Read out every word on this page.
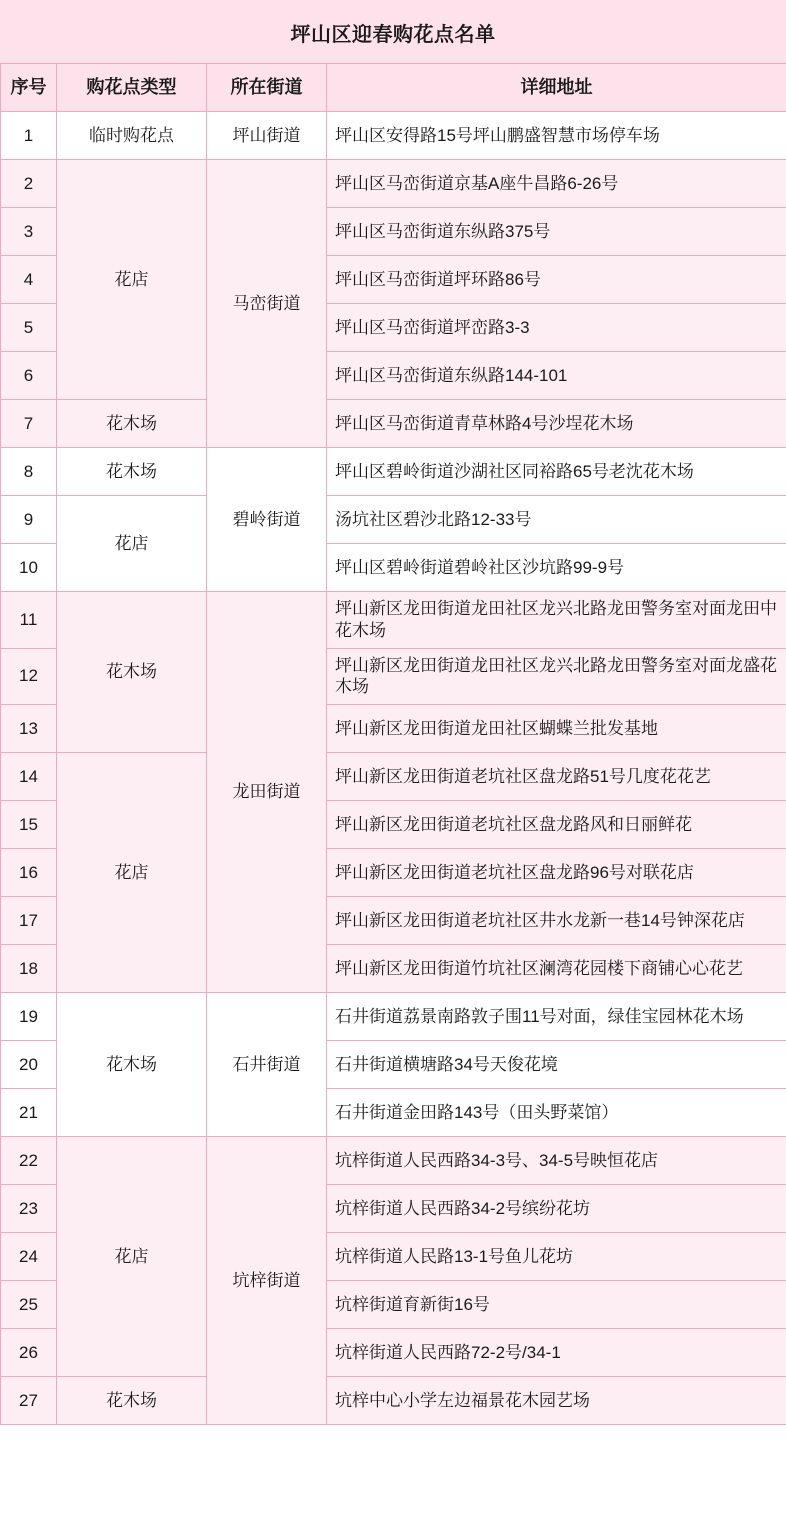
坪山区迎春购花点名单
序号	购花点类型	所在街道	详细地址
1	临时购花点	坪山街道	坪山区安得路15号坪山鹏盛智慧市场停车场
2	花店	马峦街道	坪山区马峦街道京基A座牛昌路6-26号
3			坪山区马峦街道东纵路375号
4			坪山区马峦街道坪环路86号
5			坪山区马峦街道坪峦路3-3
6			坪山区马峦街道东纵路144-101
7	花木场		坪山区马峦街道青草林路4号沙埕花木场
8	花木场	碧岭街道	坪山区碧岭街道沙湖社区同裕路65号老沈花木场
9	花店		汤坑社区碧沙北路12-33号
10			坪山区碧岭街道碧岭社区沙坑路99-9号
11	花木场	龙田街道	坪山新区龙田街道龙田社区龙兴北路龙田警务室对面龙田中花木场
12			坪山新区龙田街道龙田社区龙兴北路龙田警务室对面龙盛花木场
13			坪山新区龙田街道龙田社区蝴蝶兰批发基地
14	花店		坪山新区龙田街道老坑社区盘龙路51号几度花花艺
15			坪山新区龙田街道老坑社区盘龙路风和日丽鲜花
16			坪山新区龙田街道老坑社区盘龙路96号对联花店
17			坪山新区龙田街道老坑社区井水龙新一巷14号钟深花店
18			坪山新区龙田街道竹坑社区澜湾花园楼下商铺心心花艺
19	花木场	石井街道	石井街道荔景南路敦子围11号对面，绿佳宝园林花木场
20			石井街道横塘路34号天俊花境
21			石井街道金田路143号（田头野菜馆）
22	花店	坑梓街道	坑梓街道人民西路34-3号、34-5号映恒花店
23			坑梓街道人民西路34-2号缤纷花坊
24			坑梓街道人民路13-1号鱼儿花坊
25			坑梓街道育新街16号
26			坑梓街道人民西路72-2号/34-1
27	花木场		坑梓中心小学左边福景花木园艺场
